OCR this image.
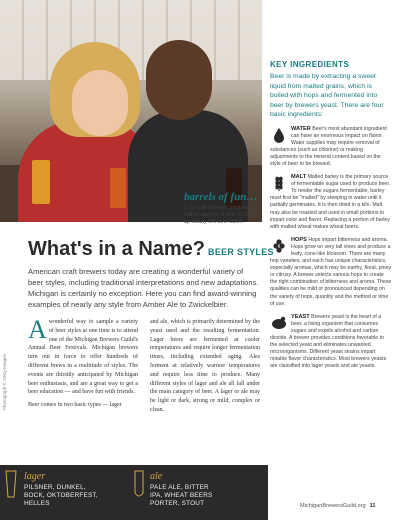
barrels of fun…
U.S. craft brewers produced 8.5 million barrels of beer in 2008, up nearly 6% over 2007.
Photograph © Getty Images
What's in a Name? BEER STYLES
American craft brewers today are creating a wonderful variety of beer styles, including traditional interpretations and new adaptations. Michigan is certainly no exception. Here you can find award-winning examples of nearly any style from Amber Ale to Zwickelbier.

Awonderful way to sample a variety of beer styles at one time is to attend one of the Michigan Brewers Guild's Annual Beer Festivals. Michigan brewers turn out in force to offer hundreds of different brews in a multitude of styles. The events are thirstily anticipated by Michigan beer enthusiasts, and are a great way to get a beer education — and have fun with friends.

Beer comes in two basic types — lager

and ale, which is primarily determined by the yeast used and the resulting fermentation. Lager beers are fermented at cooler temperatures and require longer fermentation times, including extended aging. Ales ferment at relatively warmer temperatures and require less time to produce. Many different styles of lager and ale all fall under the main category of beer. A lager or ale may be light or dark, strong or mild, complex or clean.

lager
PILSNER, DUNKEL,
BOCK, OKTOBERFEST,
HELLES
ale
PALE ALE, BITTER
IPA, WHEAT BEERS
PORTER, STOUT
KEY INGREDIENTS
Beer is made by extracting a sweet liquid from malted grains, which is boiled with hops and fermented into beer by brewers yeast. There are four basic ingredients:
WATER Beer's most abundant ingredient can have an enormous impact on flavor. Water supplies may require removal of substances (such as chlorine) or making adjustments to the mineral content based on the style of beer to be brewed.
MALT Malted barley is the primary source of fermentable sugar used to produce beer. To render the sugars fermentable, barley must first be "malted" by steeping in water until it partially germinates. It is then dried in a kiln. Malt may also be roasted and used in small portions to impart color and flavor. Replacing a portion of barley with malted wheat makes wheat beers.
HOPS Hops impart bitterness and aroma. Hops grow on very tall vines and produce a leafy, cone-like blossom. There are many hop varieties, and each has unique characteristics, especially aromas, which may be earthy, floral, piney or citrusy. A brewer selects various hops to create the right combination of bitterness and aroma. These qualities can be mild or pronounced depending on the variety of hops, quantity and the method or time of use.
YEAST Brewers yeast is the heart of a beer, a living organism that consumes sugars and expels alcohol and carbon dioxide. A brewer provides conditions favorable to the selected yeast and eliminates unwanted microorganisms. Different yeast strains impart notable flavor characteristics. Most brewers yeasts are classified into lager yeasts and ale yeasts.
MichiganBrewersGuild.org 11
